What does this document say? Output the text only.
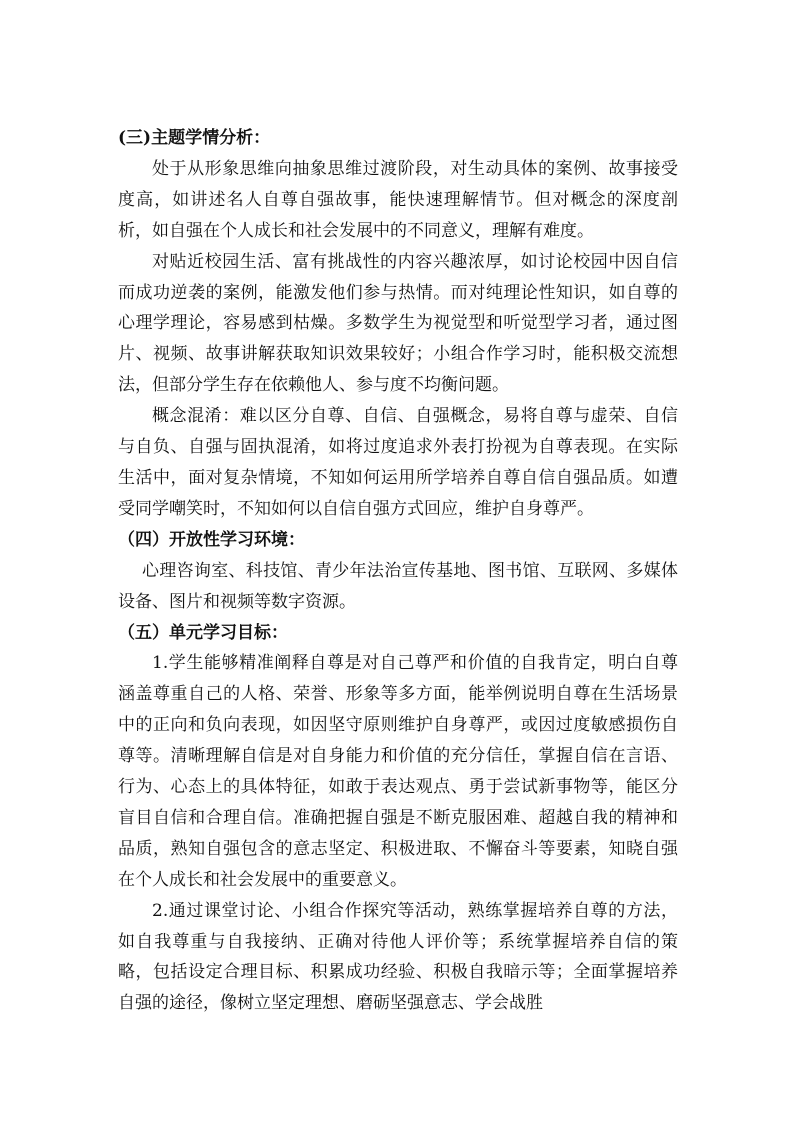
(三)主题学情分析：

处于从形象思维向抽象思维过渡阶段，对生动具体的案例、故事接受度高，如讲述名人自尊自强故事，能快速理解情节。但对概念的深度剖析，如自强在个人成长和社会发展中的不同意义，理解有难度。

对贴近校园生活、富有挑战性的内容兴趣浓厚，如讨论校园中因自信而成功逆袭的案例，能激发他们参与热情。而对纯理论性知识，如自尊的心理学理论，容易感到枯燥。多数学生为视觉型和听觉型学习者，通过图片、视频、故事讲解获取知识效果较好；小组合作学习时，能积极交流想法，但部分学生存在依赖他人、参与度不均衡问题。

概念混淆：难以区分自尊、自信、自强概念，易将自尊与虚荣、自信与自负、自强与固执混淆，如将过度追求外表打扮视为自尊表现。在实际生活中，面对复杂情境，不知如何运用所学培养自尊自信自强品质。如遭受同学嘲笑时，不知如何以自信自强方式回应，维护自身尊严。

（四）开放性学习环境：

心理咨询室、科技馆、青少年法治宣传基地、图书馆、互联网、多媒体设备、图片和视频等数字资源。

（五）单元学习目标：

1.学生能够精准阐释自尊是对自己尊严和价值的自我肯定，明白自尊涵盖尊重自己的人格、荣誉、形象等多方面，能举例说明自尊在生活场景中的正向和负向表现，如因坚守原则维护自身尊严，或因过度敏感损伤自尊等。清晰理解自信是对自身能力和价值的充分信任，掌握自信在言语、行为、心态上的具体特征，如敢于表达观点、勇于尝试新事物等，能区分盲目自信和合理自信。准确把握自强是不断克服困难、超越自我的精神和品质，熟知自强包含的意志坚定、积极进取、不懈奋斗等要素，知晓自强在个人成长和社会发展中的重要意义。

2.通过课堂讨论、小组合作探究等活动，熟练掌握培养自尊的方法，如自我尊重与自我接纳、正确对待他人评价等；系统掌握培养自信的策略，包括设定合理目标、积累成功经验、积极自我暗示等；全面掌握培养自强的途径，像树立坚定理想、磨砺坚强意志、学会战胜
